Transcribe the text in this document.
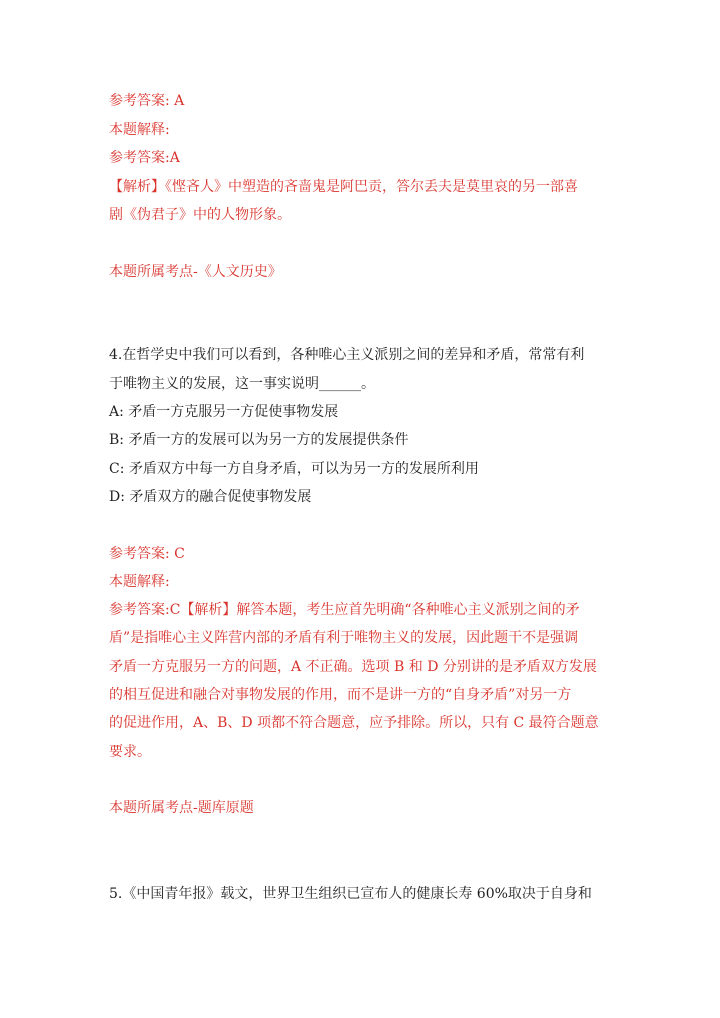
参考答案: A
本题解释:
参考答案:A
【解析】《悭吝人》中塑造的吝啬鬼是阿巴贡，答尔丢夫是莫里哀的另一部喜
剧《伪君子》中的人物形象。
本题所属考点-《人文历史》
4.在哲学史中我们可以看到，各种唯心主义派别之间的差异和矛盾，常常有利
于唯物主义的发展，这一事实说明______。
A: 矛盾一方克服另一方促使事物发展
B: 矛盾一方的发展可以为另一方的发展提供条件
C: 矛盾双方中每一方自身矛盾，可以为另一方的发展所利用
D: 矛盾双方的融合促使事物发展
参考答案: C
本题解释:
参考答案:C【解析】解答本题，考生应首先明确“各种唯心主义派别之间的矛
盾”是指唯心主义阵营内部的矛盾有利于唯物主义的发展，因此题干不是强调
矛盾一方克服另一方的问题，A 不正确。选项 B 和 D 分别讲的是矛盾双方发展
的相互促进和融合对事物发展的作用，而不是讲一方的“自身矛盾”对另一方
的促进作用，A、B、D 项都不符合题意，应予排除。所以，只有 C 最符合题意
要求。
本题所属考点-题库原题
5.《中国青年报》载文，世界卫生组织已宣布人的健康长寿 60%取决于自身和
